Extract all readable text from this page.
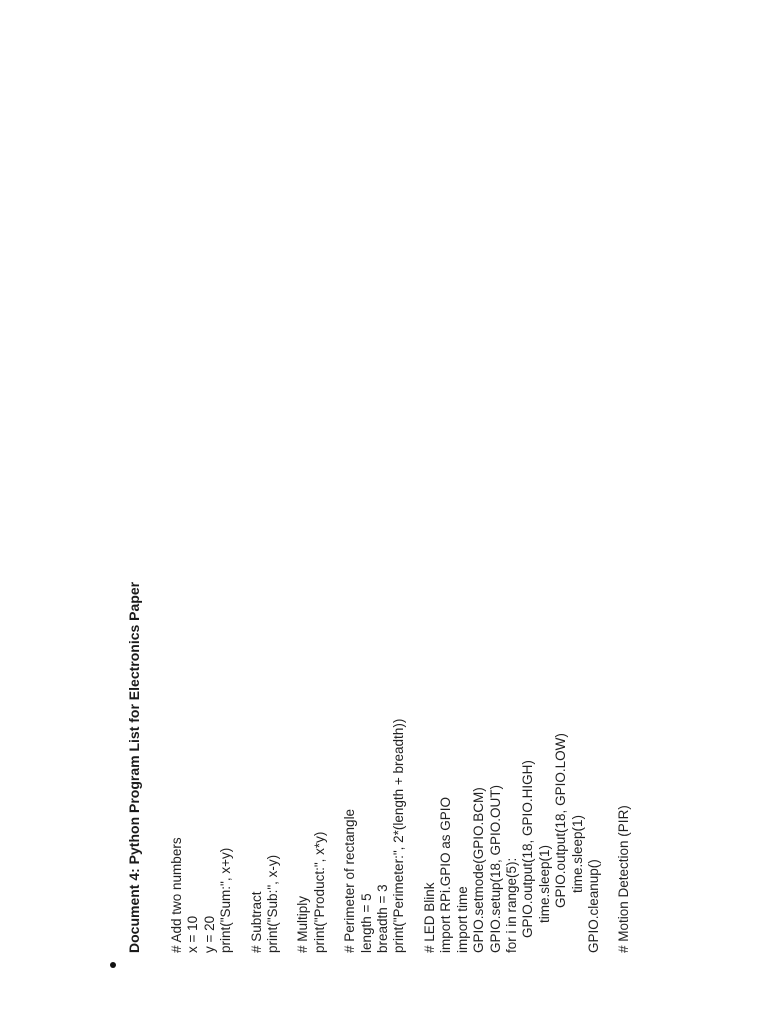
Document 4: Python Program List for Electronics Paper # Add two numbers x = 10 y = 20 print("Sum:", x+y) # Subtract print("Sub:", x-y) # Multiply print("Product:", x*y) # Perimeter of rectangle length = 5 breadth = 3 print("Perimeter:", 2*(length + breadth)) # LED Blink import RPi.GPIO as GPIO import time GPIO.setmode(GPIO.BCM) GPIO.setup(18, GPIO.OUT) for i in range(5): GPIO.output(18, GPIO.HIGH) time.sleep(1) GPIO.output(18, GPIO.LOW) time.sleep(1) GPIO.cleanup() # Motion Detection (PIR)
